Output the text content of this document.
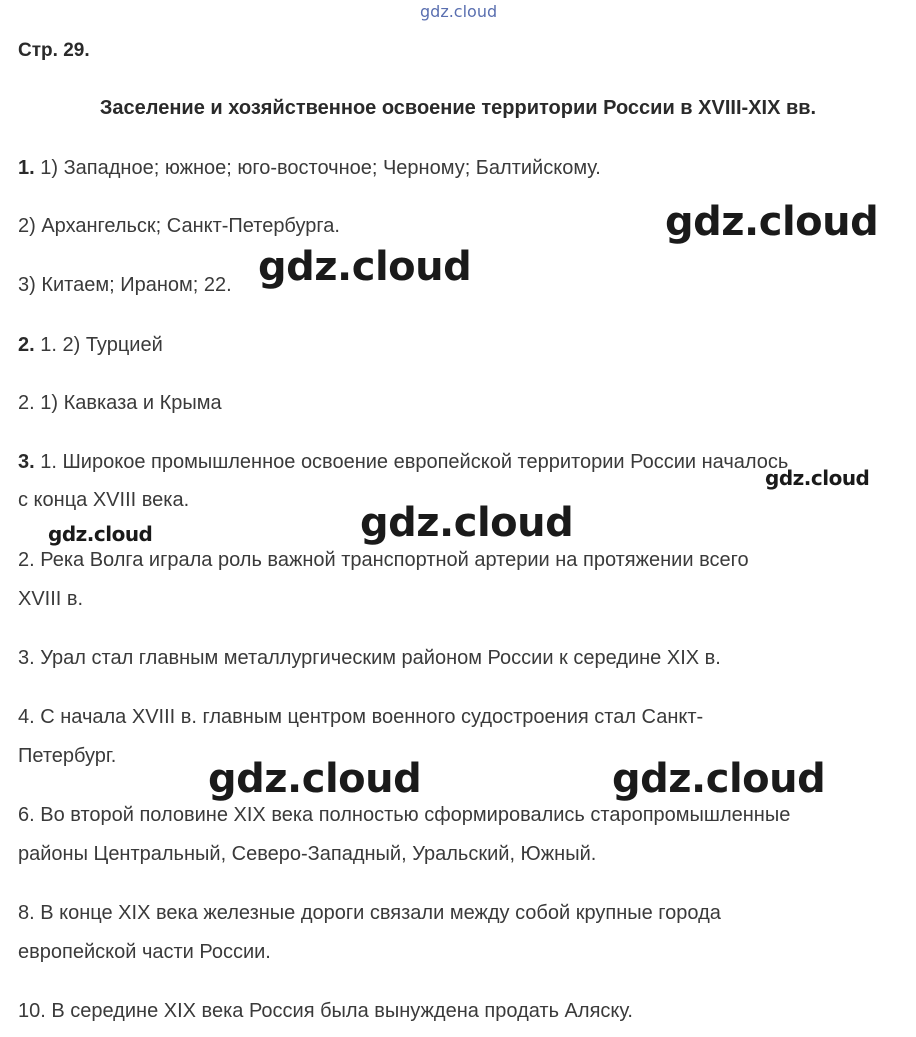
gdz.cloud
Стр. 29.
Заселение и хозяйственное освоение территории России в XVIII-XIX вв.
1. 1) Западное; южное; юго-восточное; Черному; Балтийскому.
2) Архангельск; Санкт-Петербурга.
3) Китаем; Ираном; 22.
2. 1. 2) Турцией
2. 1) Кавказа и Крыма
3. 1. Широкое промышленное освоение европейской территории России началось
с конца XVIII века.
2. Река Волга играла роль важной транспортной артерии на протяжении всего
XVIII в.
3. Урал стал главным металлургическим районом России к середине XIX в.
4. С начала XVIII в. главным центром военного судостроения стал Санкт-
Петербург.
6. Во второй половине XIX века полностью сформировались старопромышленные
районы Центральный, Северо-Западный, Уральский, Южный.
8. В конце XIX века железные дороги связали между собой крупные города
европейской части России.
10. В середине XIX века Россия была вынуждена продать Аляску.
gdz.cloud
gdz.cloud
gdz.cloud
gdz.cloud
gdz.cloud
gdz.cloud	gdz.cloud
